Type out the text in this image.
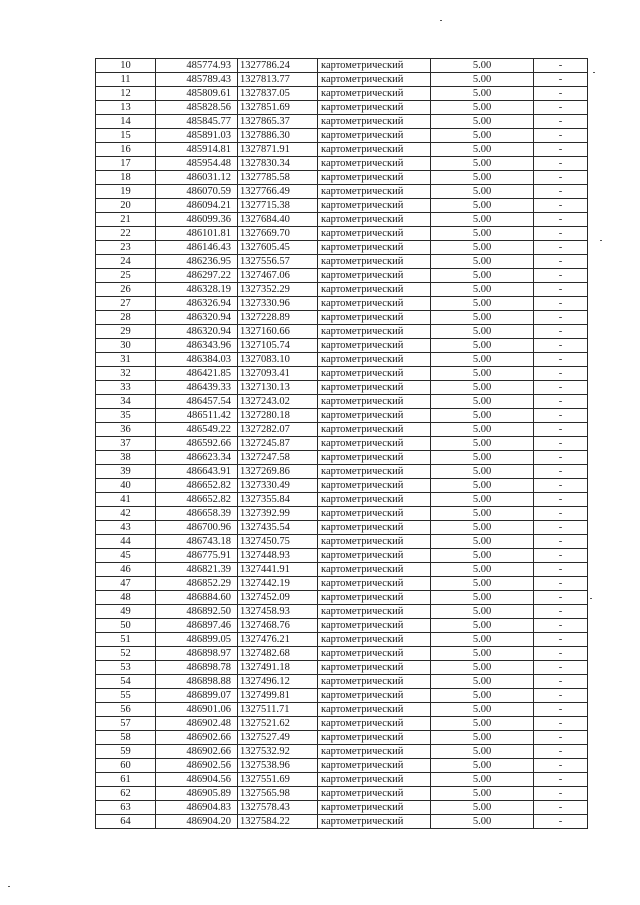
10	485774.93	1327786.24	картометрический	5.00	-
11	485789.43	1327813.77	картометрический	5.00	-
12	485809.61	1327837.05	картометрический	5.00	-
13	485828.56	1327851.69	картометрический	5.00	-
14	485845.77	1327865.37	картометрический	5.00	-
15	485891.03	1327886.30	картометрический	5.00	-
16	485914.81	1327871.91	картометрический	5.00	-
17	485954.48	1327830.34	картометрический	5.00	-
18	486031.12	1327785.58	картометрический	5.00	-
19	486070.59	1327766.49	картометрический	5.00	-
20	486094.21	1327715.38	картометрический	5.00	-
21	486099.36	1327684.40	картометрический	5.00	-
22	486101.81	1327669.70	картометрический	5.00	-
23	486146.43	1327605.45	картометрический	5.00	-
24	486236.95	1327556.57	картометрический	5.00	-
25	486297.22	1327467.06	картометрический	5.00	-
26	486328.19	1327352.29	картометрический	5.00	-
27	486326.94	1327330.96	картометрический	5.00	-
28	486320.94	1327228.89	картометрический	5.00	-
29	486320.94	1327160.66	картометрический	5.00	-
30	486343.96	1327105.74	картометрический	5.00	-
31	486384.03	1327083.10	картометрический	5.00	-
32	486421.85	1327093.41	картометрический	5.00	-
33	486439.33	1327130.13	картометрический	5.00	-
34	486457.54	1327243.02	картометрический	5.00	-
35	486511.42	1327280.18	картометрический	5.00	-
36	486549.22	1327282.07	картометрический	5.00	-
37	486592.66	1327245.87	картометрический	5.00	-
38	486623.34	1327247.58	картометрический	5.00	-
39	486643.91	1327269.86	картометрический	5.00	-
40	486652.82	1327330.49	картометрический	5.00	-
41	486652.82	1327355.84	картометрический	5.00	-
42	486658.39	1327392.99	картометрический	5.00	-
43	486700.96	1327435.54	картометрический	5.00	-
44	486743.18	1327450.75	картометрический	5.00	-
45	486775.91	1327448.93	картометрический	5.00	-
46	486821.39	1327441.91	картометрический	5.00	-
47	486852.29	1327442.19	картометрический	5.00	-
48	486884.60	1327452.09	картометрический	5.00	-
49	486892.50	1327458.93	картометрический	5.00	-
50	486897.46	1327468.76	картометрический	5.00	-
51	486899.05	1327476.21	картометрический	5.00	-
52	486898.97	1327482.68	картометрический	5.00	-
53	486898.78	1327491.18	картометрический	5.00	-
54	486898.88	1327496.12	картометрический	5.00	-
55	486899.07	1327499.81	картометрический	5.00	-
56	486901.06	1327511.71	картометрический	5.00	-
57	486902.48	1327521.62	картометрический	5.00	-
58	486902.66	1327527.49	картометрический	5.00	-
59	486902.66	1327532.92	картометрический	5.00	-
60	486902.56	1327538.96	картометрический	5.00	-
61	486904.56	1327551.69	картометрический	5.00	-
62	486905.89	1327565.98	картометрический	5.00	-
63	486904.83	1327578.43	картометрический	5.00	-
64	486904.20	1327584.22	картометрический	5.00	-
